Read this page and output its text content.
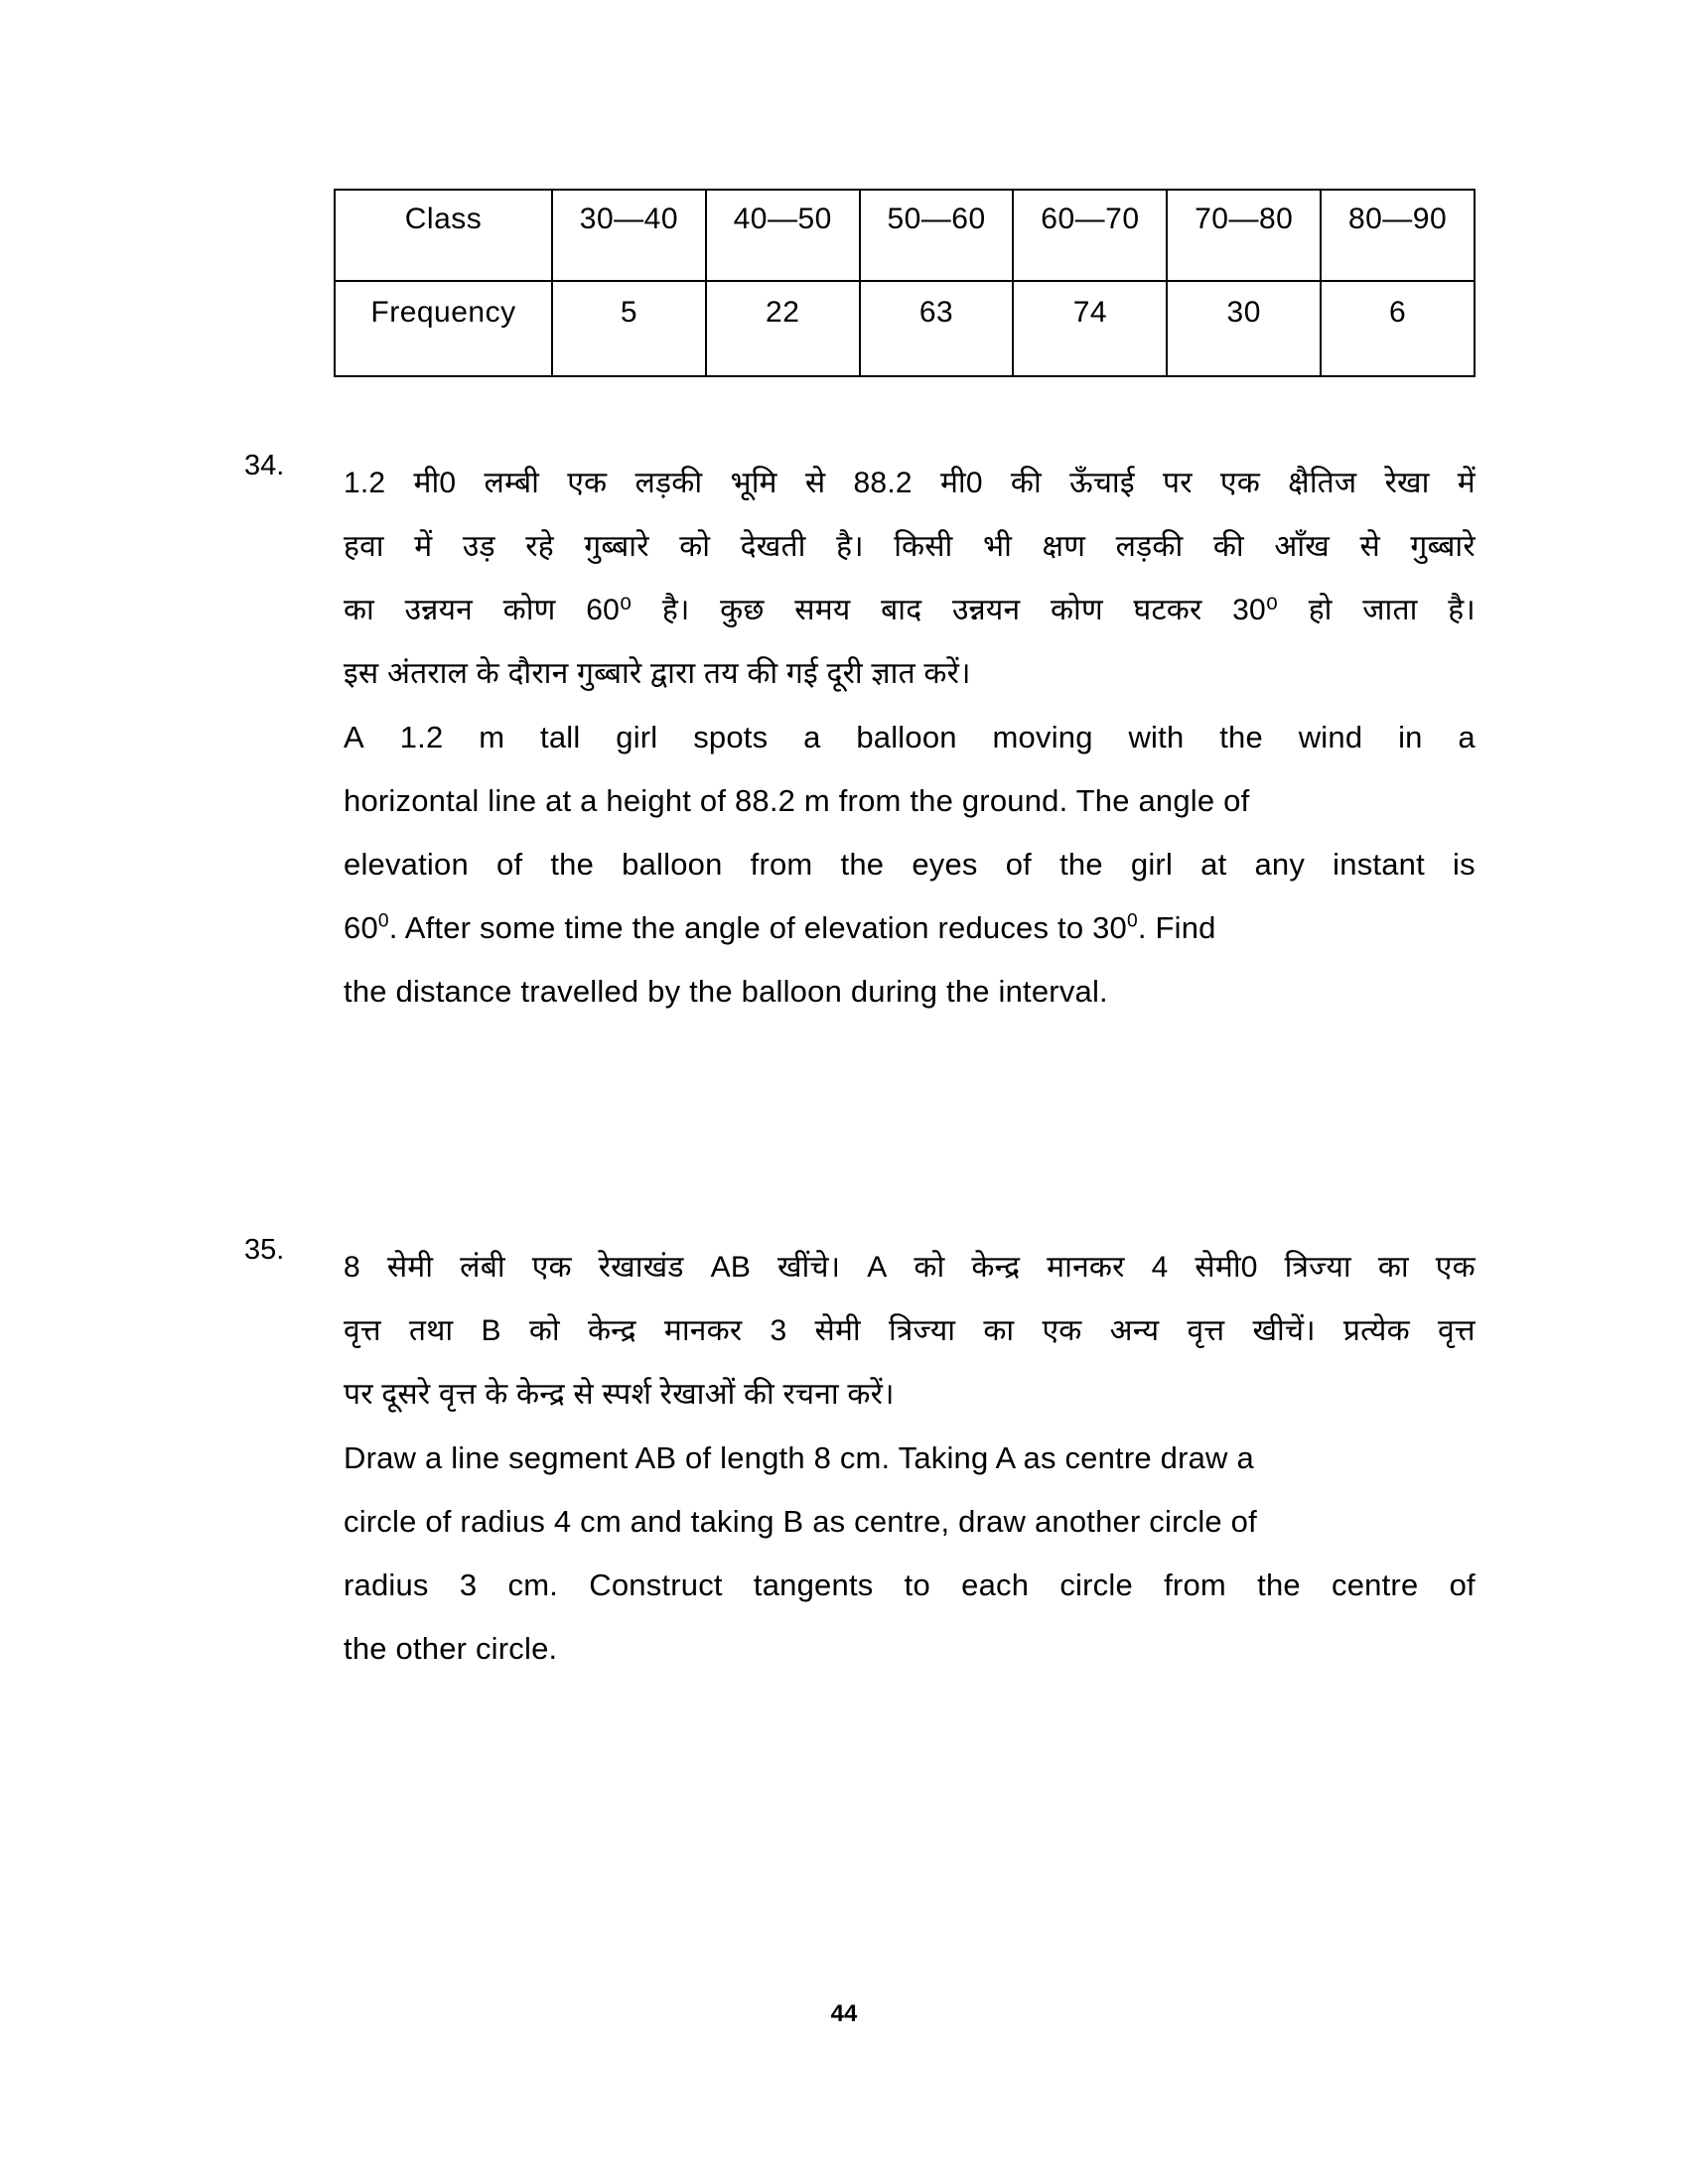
Class	30—40	40—50	50—60	60—70	70—80	80—90
Frequency	5	22	63	74	30	6
34.
1.2 मी0 लम्बी एक लड़की भूमि से 88.2 मी0 की ऊँचाई पर एक क्षैतिज रेखा में
हवा में उड़ रहे गुब्बारे को देखती है। किसी भी क्षण लड़की की आँख से गुब्बारे
का उन्नयन कोण 60⁰ है। कुछ समय बाद उन्नयन कोण घटकर 30⁰ हो जाता है।
इस अंतराल के दौरान गुब्बारे द्वारा तय की गई दूरी ज्ञात करें।
A 1.2 m tall girl spots a balloon moving with the wind in a
horizontal line at a height of 88.2 m from the ground. The angle of
elevation of the balloon from the eyes of the girl at any instant is
$60^0$. After some time the angle of elevation reduces to $30^0$. Find
the distance travelled by the balloon during the interval.
35.
8 सेमी लंबी एक रेखाखंड AB खींचे। A को केन्द्र मानकर 4 सेमी0 त्रिज्या का एक
वृत्त तथा B को केन्द्र मानकर 3 सेमी त्रिज्या का एक अन्य वृत्त खीचें। प्रत्येक वृत्त
पर दूसरे वृत्त के केन्द्र से स्पर्श रेखाओं की रचना करें।
Draw a line segment AB of length 8 cm. Taking A as centre draw a
circle of radius 4 cm and taking B as centre, draw another circle of
radius 3 cm. Construct tangents to each circle from the centre of
the other circle.
44
